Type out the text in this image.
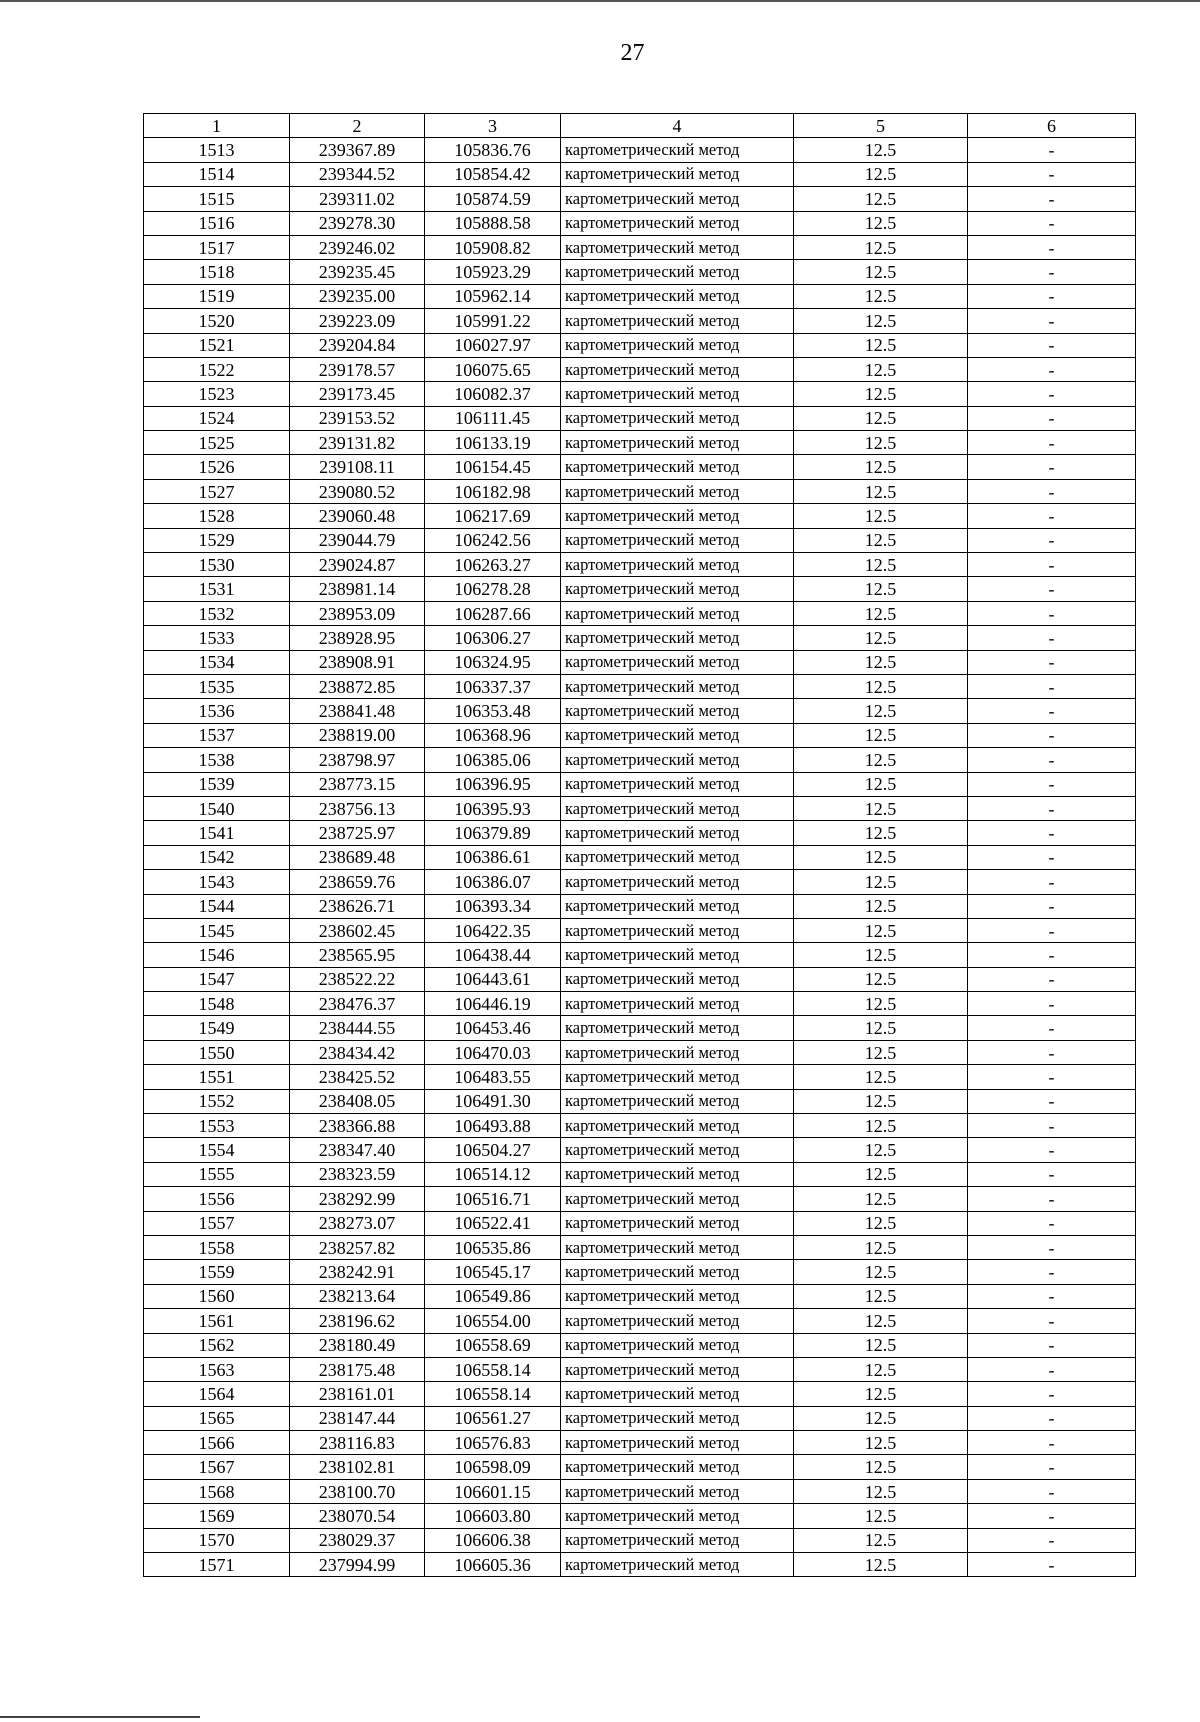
27
1	2	3	4	5	6
1513	239367.89	105836.76	картометрический метод	12.5	-
1514	239344.52	105854.42	картометрический метод	12.5	-
1515	239311.02	105874.59	картометрический метод	12.5	-
1516	239278.30	105888.58	картометрический метод	12.5	-
1517	239246.02	105908.82	картометрический метод	12.5	-
1518	239235.45	105923.29	картометрический метод	12.5	-
1519	239235.00	105962.14	картометрический метод	12.5	-
1520	239223.09	105991.22	картометрический метод	12.5	-
1521	239204.84	106027.97	картометрический метод	12.5	-
1522	239178.57	106075.65	картометрический метод	12.5	-
1523	239173.45	106082.37	картометрический метод	12.5	-
1524	239153.52	106111.45	картометрический метод	12.5	-
1525	239131.82	106133.19	картометрический метод	12.5	-
1526	239108.11	106154.45	картометрический метод	12.5	-
1527	239080.52	106182.98	картометрический метод	12.5	-
1528	239060.48	106217.69	картометрический метод	12.5	-
1529	239044.79	106242.56	картометрический метод	12.5	-
1530	239024.87	106263.27	картометрический метод	12.5	-
1531	238981.14	106278.28	картометрический метод	12.5	-
1532	238953.09	106287.66	картометрический метод	12.5	-
1533	238928.95	106306.27	картометрический метод	12.5	-
1534	238908.91	106324.95	картометрический метод	12.5	-
1535	238872.85	106337.37	картометрический метод	12.5	-
1536	238841.48	106353.48	картометрический метод	12.5	-
1537	238819.00	106368.96	картометрический метод	12.5	-
1538	238798.97	106385.06	картометрический метод	12.5	-
1539	238773.15	106396.95	картометрический метод	12.5	-
1540	238756.13	106395.93	картометрический метод	12.5	-
1541	238725.97	106379.89	картометрический метод	12.5	-
1542	238689.48	106386.61	картометрический метод	12.5	-
1543	238659.76	106386.07	картометрический метод	12.5	-
1544	238626.71	106393.34	картометрический метод	12.5	-
1545	238602.45	106422.35	картометрический метод	12.5	-
1546	238565.95	106438.44	картометрический метод	12.5	-
1547	238522.22	106443.61	картометрический метод	12.5	-
1548	238476.37	106446.19	картометрический метод	12.5	-
1549	238444.55	106453.46	картометрический метод	12.5	-
1550	238434.42	106470.03	картометрический метод	12.5	-
1551	238425.52	106483.55	картометрический метод	12.5	-
1552	238408.05	106491.30	картометрический метод	12.5	-
1553	238366.88	106493.88	картометрический метод	12.5	-
1554	238347.40	106504.27	картометрический метод	12.5	-
1555	238323.59	106514.12	картометрический метод	12.5	-
1556	238292.99	106516.71	картометрический метод	12.5	-
1557	238273.07	106522.41	картометрический метод	12.5	-
1558	238257.82	106535.86	картометрический метод	12.5	-
1559	238242.91	106545.17	картометрический метод	12.5	-
1560	238213.64	106549.86	картометрический метод	12.5	-
1561	238196.62	106554.00	картометрический метод	12.5	-
1562	238180.49	106558.69	картометрический метод	12.5	-
1563	238175.48	106558.14	картометрический метод	12.5	-
1564	238161.01	106558.14	картометрический метод	12.5	-
1565	238147.44	106561.27	картометрический метод	12.5	-
1566	238116.83	106576.83	картометрический метод	12.5	-
1567	238102.81	106598.09	картометрический метод	12.5	-
1568	238100.70	106601.15	картометрический метод	12.5	-
1569	238070.54	106603.80	картометрический метод	12.5	-
1570	238029.37	106606.38	картометрический метод	12.5	-
1571	237994.99	106605.36	картометрический метод	12.5	-
